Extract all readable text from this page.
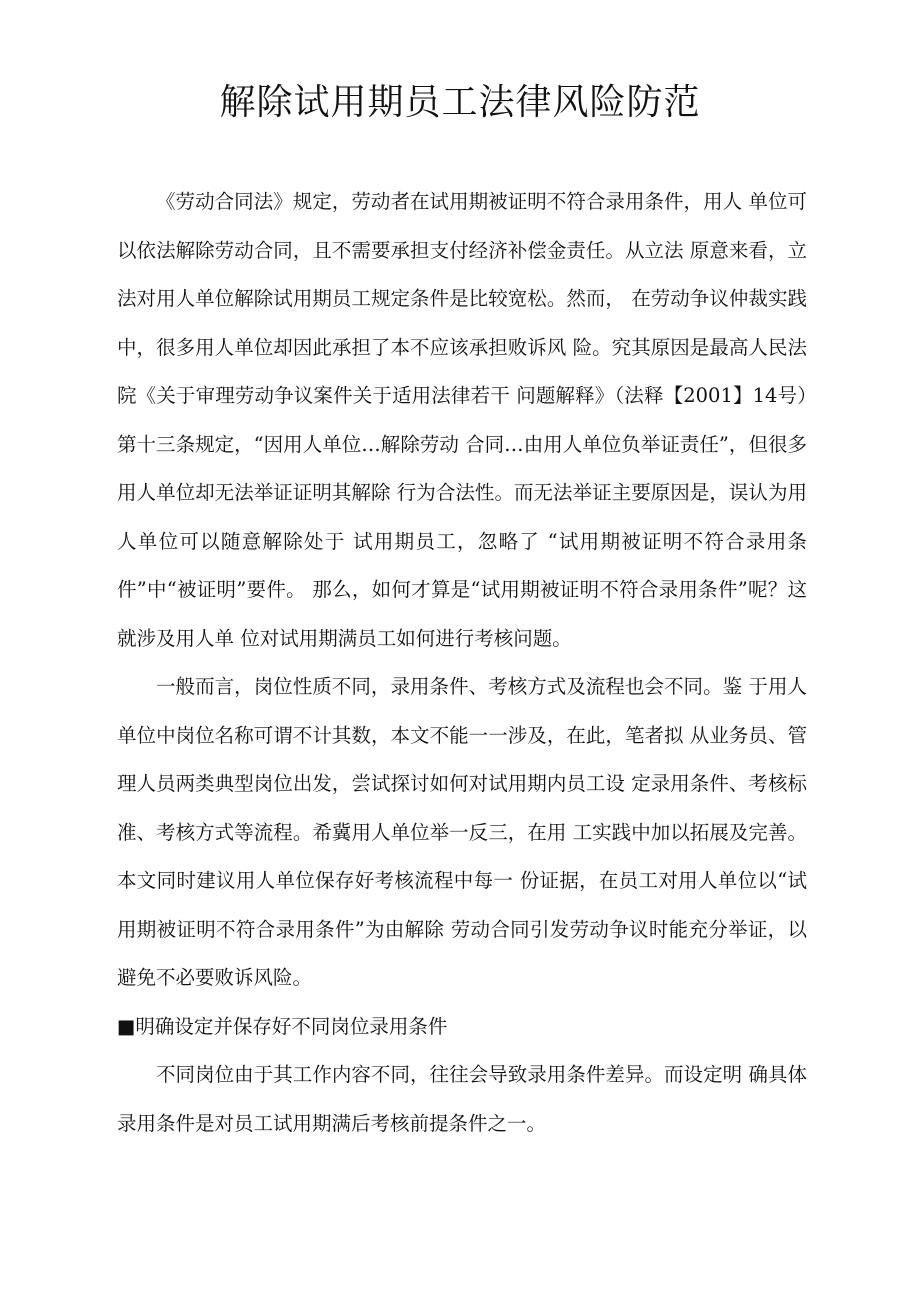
解除试用期员工法律风险防范

《劳动合同法》规定，劳动者在试用期被证明不符合录用条件，用人 单位可以依法解除劳动合同，且不需要承担支付经济补偿金责任。从立法 原意来看，立法对用人单位解除试用期员工规定条件是比较宽松。然而， 在劳动争议仲裁实践中，很多用人单位却因此承担了本不应该承担败诉风 险。究其原因是最高人民法院《关于审理劳动争议案件关于适用法律若干 问题解释》（法释【2001】14号）第十三条规定，“因用人单位…解除劳动 合同…由用人单位负举证责任”，但很多用人单位却无法举证证明其解除 行为合法性。而无法举证主要原因是，误认为用人单位可以随意解除处于 试用期员工，忽略了 “试用期被证明不符合录用条件”中“被证明”要件。 那么，如何才算是“试用期被证明不符合录用条件”呢？这就涉及用人单 位对试用期满员工如何进行考核问题。

一般而言，岗位性质不同，录用条件、考核方式及流程也会不同。鉴 于用人单位中岗位名称可谓不计其数，本文不能一一涉及，在此，笔者拟 从业务员、管理人员两类典型岗位出发，尝试探讨如何对试用期内员工设 定录用条件、考核标准、考核方式等流程。希冀用人单位举一反三，在用 工实践中加以拓展及完善。本文同时建议用人单位保存好考核流程中每一 份证据，在员工对用人单位以“试用期被证明不符合录用条件”为由解除 劳动合同引发劳动争议时能充分举证，以避免不必要败诉风险。

■明确设定并保存好不同岗位录用条件

不同岗位由于其工作内容不同，往往会导致录用条件差异。而设定明 确具体录用条件是对员工试用期满后考核前提条件之一。
